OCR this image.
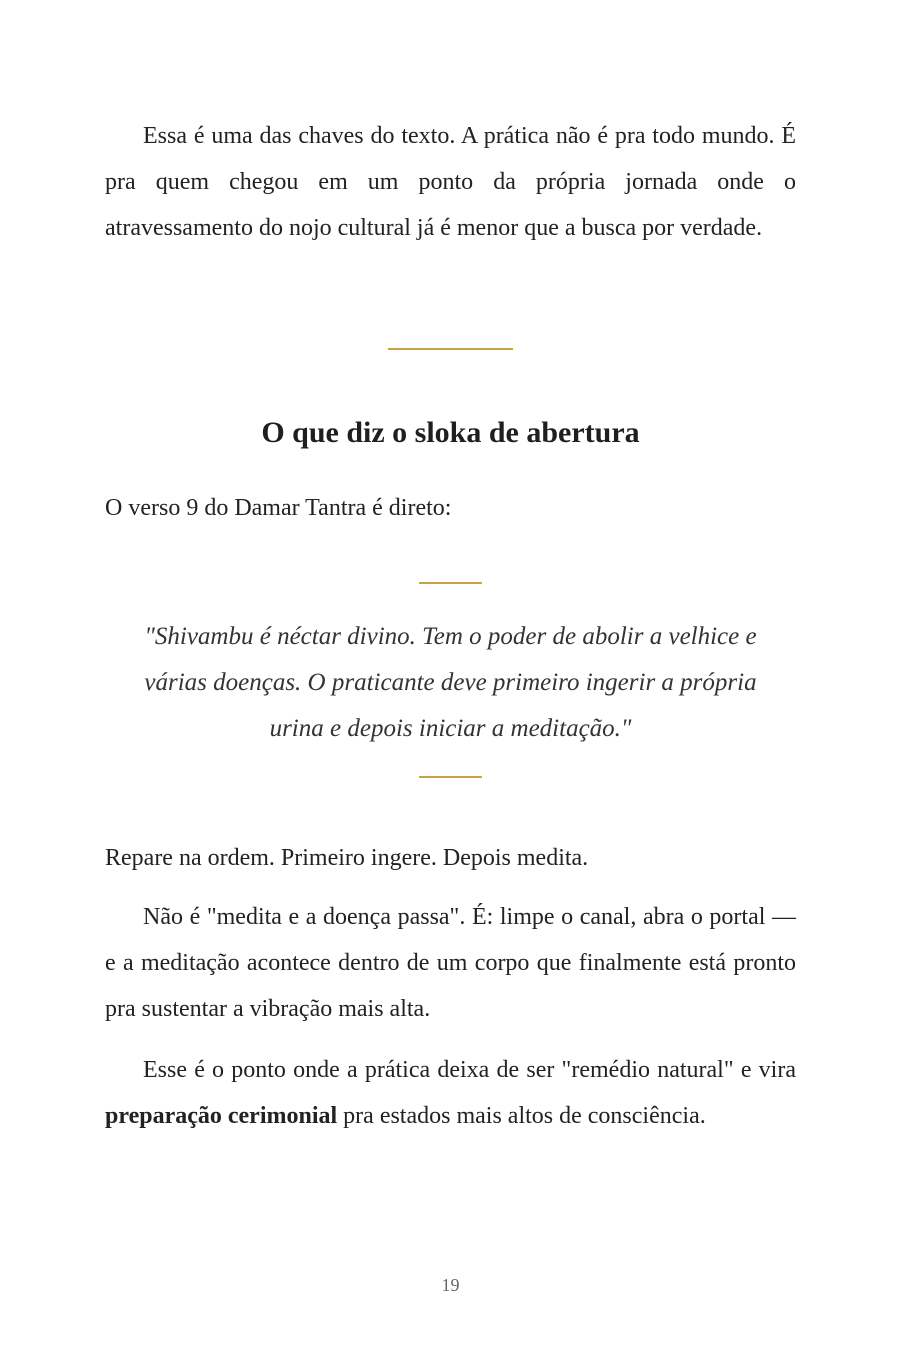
Essa é uma das chaves do texto. A prática não é pra todo mundo. É pra quem chegou em um ponto da própria jornada onde o atravessamento do nojo cultural já é menor que a busca por verdade.

O que diz o sloka de abertura

O verso 9 do Damar Tantra é direto:

"Shivambu é néctar divino. Tem o poder de abolir a velhice e várias doenças. O praticante deve primeiro ingerir a própria urina e depois iniciar a meditação."

Repare na ordem. Primeiro ingere. Depois medita.

Não é "medita e a doença passa". É: limpe o canal, abra o portal — e a meditação acontece dentro de um corpo que finalmente está pronto pra sustentar a vibração mais alta.

Esse é o ponto onde a prática deixa de ser "remédio natural" e vira preparação cerimonial pra estados mais altos de consciência.

19
